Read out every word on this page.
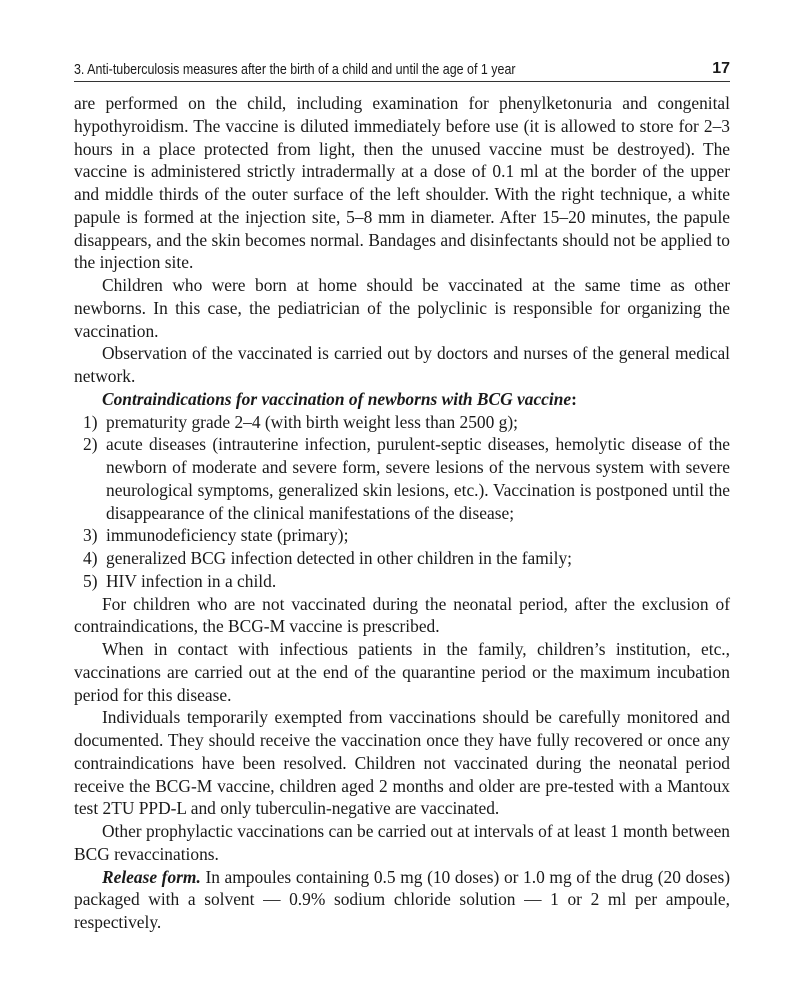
3. Anti-tuberculosis measures after the birth of a child and until the age of 1 year	17

are performed on the child, including examination for phenylketonuria and congenital hypothyroidism. The vaccine is diluted immediately before use (it is allowed to store for 2–3 hours in a place protected from light, then the unused vaccine must be destroyed). The vaccine is administered strictly intradermally at a dose of 0.1 ml at the border of the upper and middle thirds of the outer surface of the left shoulder. With the right technique, a white papule is formed at the injection site, 5–8 mm in diameter. After 15–20 minutes, the papule disappears, and the skin becomes normal. Bandages and disinfectants should not be applied to the injection site.

Children who were born at home should be vaccinated at the same time as other newborns. In this case, the pediatrician of the polyclinic is responsible for organizing the vaccination.

Observation of the vaccinated is carried out by doctors and nurses of the general medical network.

Contraindications for vaccination of newborns with BCG vaccine:

1) prematurity grade 2–4 (with birth weight less than 2500 g);
2) acute diseases (intrauterine infection, purulent-septic diseases, hemolytic disease of the newborn of moderate and severe form, severe lesions of the nervous system with severe neurological symptoms, generalized skin lesions, etc.). Vaccination is postponed until the disappearance of the clinical manifestations of the disease;
3) immunodeficiency state (primary);
4) generalized BCG infection detected in other children in the family;
5) HIV infection in a child.

For children who are not vaccinated during the neonatal period, after the exclusion of contraindications, the BCG-M vaccine is prescribed.

When in contact with infectious patients in the family, children’s institution, etc., vaccinations are carried out at the end of the quarantine period or the maximum incubation period for this disease.

Individuals temporarily exempted from vaccinations should be carefully monitored and documented. They should receive the vaccination once they have fully recovered or once any contraindications have been resolved. Children not vaccinated during the neonatal period receive the BCG-M vaccine, children aged 2 months and older are pre-tested with a Mantoux test 2TU PPD-L and only tuberculin-negative are vaccinated.

Other prophylactic vaccinations can be carried out at intervals of at least 1 month between BCG revaccinations.

Release form. In ampoules containing 0.5 mg (10 doses) or 1.0 mg of the drug (20 doses) packaged with a solvent — 0.9% sodium chloride solution — 1 or 2 ml per ampoule, respectively.
